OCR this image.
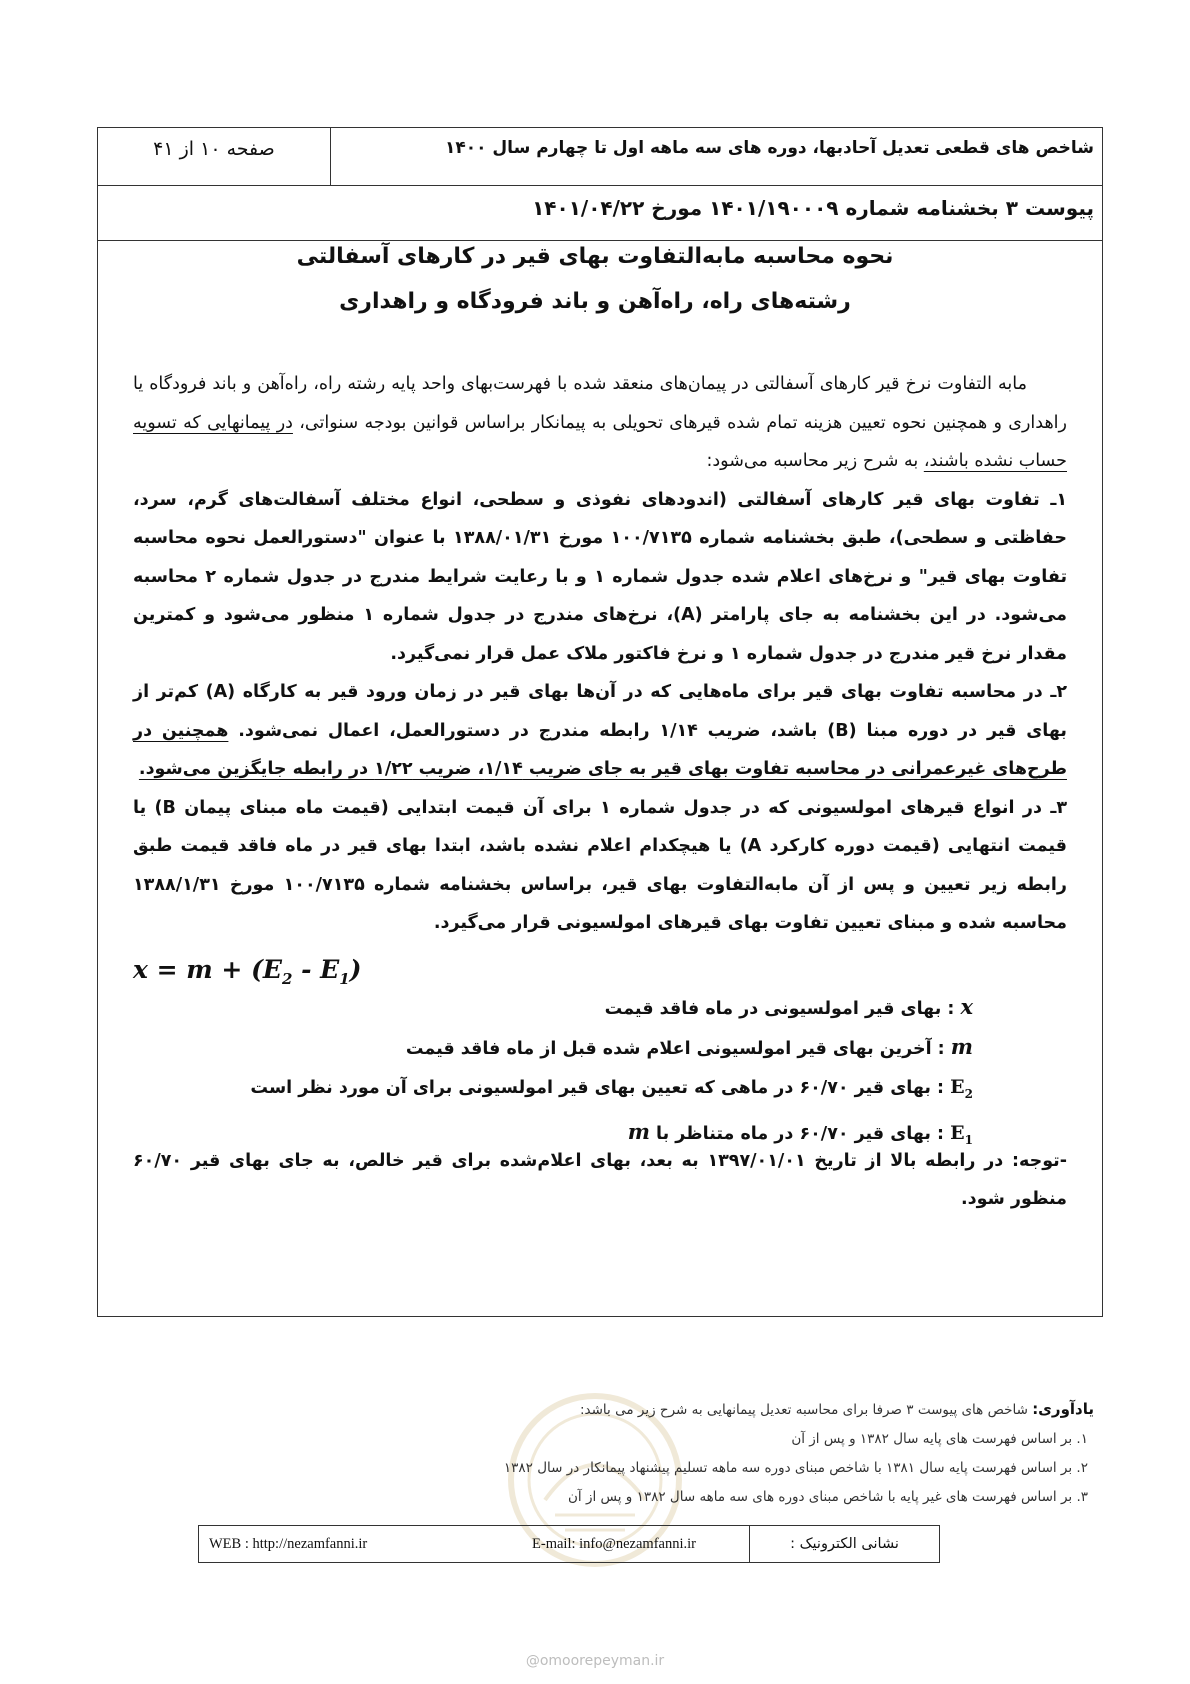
شاخص های قطعی تعدیل آحادبها، دوره های سه ماهه اول تا چهارم سال ۱۴۰۰
صفحه ۱۰ از ۴۱
پیوست ۳ بخشنامه شماره ۱۴۰۱/۱۹۰۰۰۹ مورخ ۱۴۰۱/۰۴/۲۲
نحوه محاسبه مابه‌التفاوت بهای قیر در کارهای آسفالتی
رشته‌های راه، راه‌آهن و باند فرودگاه و راهداری

مابه التفاوت نرخ قیر کارهای آسفالتی در پیمان‌های منعقد شده با فهرست‌بهای واحد پایه رشته راه، راه‌آهن و باند فرودگاه یا راهداری و همچنین نحوه تعیین هزینه تمام شده قیرهای تحویلی به پیمانکار براساس قوانین بودجه سنواتی، در پیمانهایی که تسویه حساب نشده باشند، به شرح زیر محاسبه می‌شود:

۱ـ تفاوت بهای قیر کارهای آسفالتی (اندودهای نفوذی و سطحی، انواع مختلف آسفالت‌های گرم، سرد، حفاظتی و سطحی)، طبق بخشنامه شماره ۱۰۰/۷۱۳۵ مورخ ۱۳۸۸/۰۱/۳۱ با عنوان "دستورالعمل نحوه محاسبه تفاوت بهای قیر" و نرخ‌های اعلام شده جدول شماره ۱ و با رعایت شرایط مندرج در جدول شماره ۲ محاسبه می‌شود. در این بخشنامه به جای پارامتر (A)، نرخ‌های مندرج در جدول شماره ۱ منظور می‌شود و کمترین مقدار نرخ قیر مندرج در جدول شماره ۱ و نرخ فاکتور ملاک عمل قرار نمی‌گیرد.

۲ـ در محاسبه تفاوت بهای قیر برای ماه‌هایی که در آن‌ها بهای قیر در زمان ورود قیر به کارگاه (A) کم‌تر از بهای قیر در دوره مبنا (B) باشد، ضریب ۱/۱۴ رابطه مندرج در دستورالعمل، اعمال نمی‌شود. همچنین در طرح‌های غیرعمرانی در محاسبه تفاوت بهای قیر به جای ضریب ۱/۱۴، ضریب ۱/۲۲ در رابطه جایگزین می‌شود.

۳ـ در انواع قیرهای امولسیونی که در جدول شماره ۱ برای آن قیمت ابتدایی (قیمت ماه مبنای پیمان B) یا قیمت انتهایی (قیمت دوره کارکرد A) یا هیچکدام اعلام نشده باشد، ابتدا بهای قیر در ماه فاقد قیمت طبق رابطه زیر تعیین و پس از آن مابه‌التفاوت بهای قیر، براساس بخشنامه شماره ۱۰۰/۷۱۳۵ مورخ ۱۳۸۸/۱/۳۱ محاسبه شده و مبنای تعیین تفاوت بهای قیرهای امولسیونی قرار می‌گیرد.

$x = m + (E_2 - E_1)$
x : بهای قیر امولسیونی در ماه فاقد قیمت
m : آخرین بهای قیر امولسیونی اعلام شده قبل از ماه فاقد قیمت
$E_2$ : بهای قیر ۶۰/۷۰ در ماهی که تعیین بهای قیر امولسیونی برای آن مورد نظر است
$E_1$ : بهای قیر ۶۰/۷۰ در ماه متناظر با m
-توجه: در رابطه بالا از تاریخ ۱۳۹۷/۰۱/۰۱ به بعد، بهای اعلام‌شده برای قیر خالص، به جای بهای قیر ۶۰/۷۰ منظور شود.
یادآوری: شاخص های پیوست ۳ صرفا برای محاسبه تعدیل پیمانهایی به شرح زیر می باشد:
۱. بر اساس فهرست های پایه سال ۱۳۸۲ و پس از آن
۲. بر اساس فهرست پایه سال ۱۳۸۱ با شاخص مبنای دوره سه ماهه تسلیم پیشنهاد پیمانکار در سال ۱۳۸۲
۳. بر اساس فهرست های غیر پایه با شاخص مبنای دوره های سه ماهه سال ۱۳۸۲ و پس از آن
نشانی الکترونیک :
E-mail: info@nezamfanni.ir
WEB : http://nezamfanni.ir
@omoorepeyman.ir
